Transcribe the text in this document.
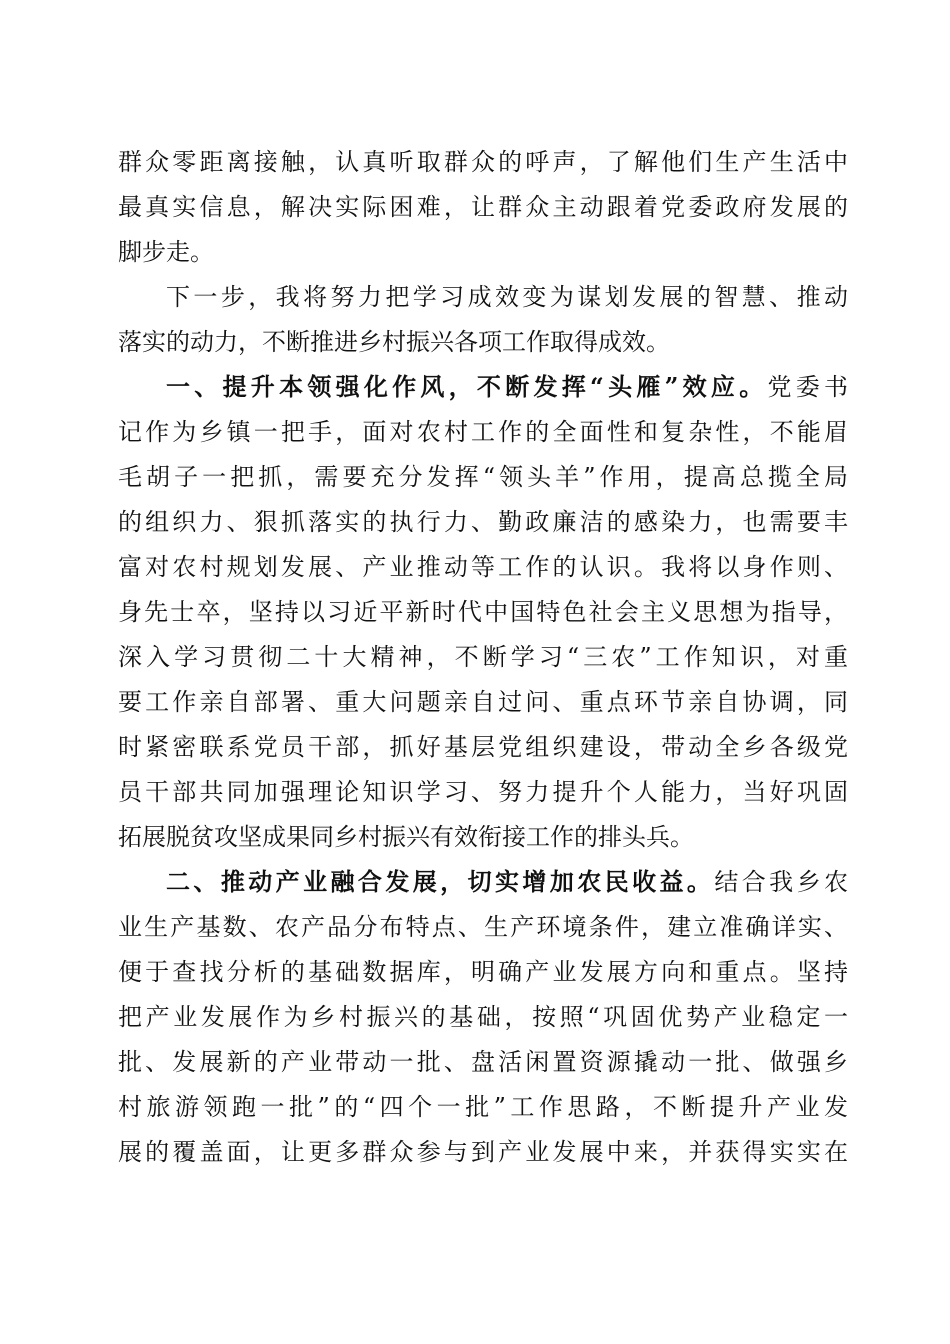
群众零距离接触，认真听取群众的呼声，了解他们生产生活中
最真实信息，解决实际困难，让群众主动跟着党委政府发展的
脚步走。
下一步，我将努力把学习成效变为谋划发展的智慧、推动
落实的动力，不断推进乡村振兴各项工作取得成效。
一、提升本领强化作风，不断发挥“头雁”效应。党委书
记作为乡镇一把手，面对农村工作的全面性和复杂性，不能眉
毛胡子一把抓，需要充分发挥“领头羊”作用，提高总揽全局
的组织力、狠抓落实的执行力、勤政廉洁的感染力，也需要丰
富对农村规划发展、产业推动等工作的认识。我将以身作则、
身先士卒，坚持以习近平新时代中国特色社会主义思想为指导，
深入学习贯彻二十大精神，不断学习“三农”工作知识，对重
要工作亲自部署、重大问题亲自过问、重点环节亲自协调，同
时紧密联系党员干部，抓好基层党组织建设，带动全乡各级党
员干部共同加强理论知识学习、努力提升个人能力，当好巩固
拓展脱贫攻坚成果同乡村振兴有效衔接工作的排头兵。
二、推动产业融合发展，切实增加农民收益。结合我乡农
业生产基数、农产品分布特点、生产环境条件，建立准确详实、
便于查找分析的基础数据库，明确产业发展方向和重点。坚持
把产业发展作为乡村振兴的基础，按照“巩固优势产业稳定一
批、发展新的产业带动一批、盘活闲置资源撬动一批、做强乡
村旅游领跑一批”的“四个一批”工作思路，不断提升产业发
展的覆盖面，让更多群众参与到产业发展中来，并获得实实在
